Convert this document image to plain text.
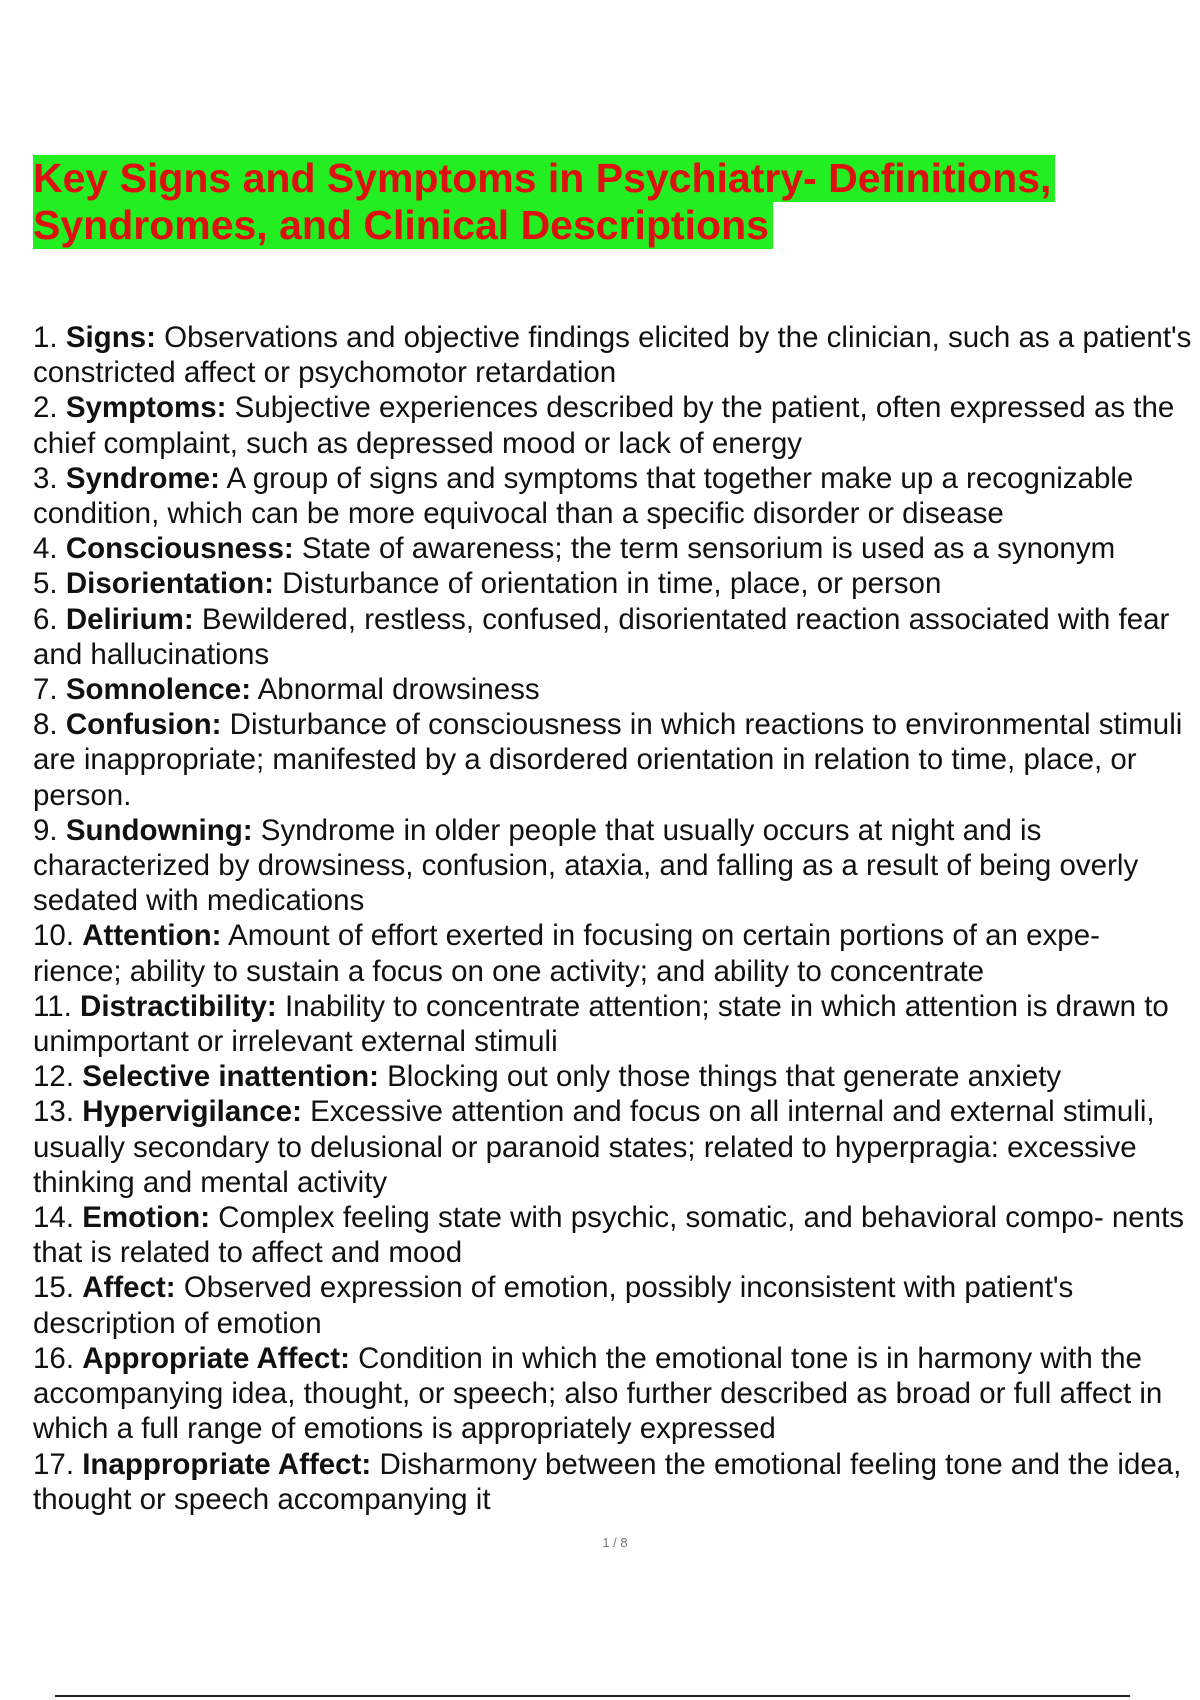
Key Signs and Symptoms in Psychiatry- Definitions,
Syndromes, and Clinical Descriptions

1. Signs: Observations and objective findings elicited by the clinician, such as a patient's constricted affect or psychomotor retardation

2. Symptoms: Subjective experiences described by the patient, often expressed as the chief complaint, such as depressed mood or lack of energy

3. Syndrome: A group of signs and symptoms that together make up a recognizable condition, which can be more equivocal than a specific disorder or disease

4. Consciousness: State of awareness; the term sensorium is used as a synonym

5. Disorientation: Disturbance of orientation in time, place, or person

6. Delirium: Bewildered, restless, confused, disorientated reaction associated with fear and hallucinations

7. Somnolence: Abnormal drowsiness

8. Confusion: Disturbance of consciousness in which reactions to environmental stimuli are inappropriate; manifested by a disordered orientation in relation to time, place, or person.

9. Sundowning: Syndrome in older people that usually occurs at night and is characterized by drowsiness, confusion, ataxia, and falling as a result of being overly sedated with medications

10. Attention: Amount of effort exerted in focusing on certain portions of an expe- rience; ability to sustain a focus on one activity; and ability to concentrate

11. Distractibility: Inability to concentrate attention; state in which attention is drawn to unimportant or irrelevant external stimuli

12. Selective inattention: Blocking out only those things that generate anxiety

13. Hypervigilance: Excessive attention and focus on all internal and external stimuli, usually secondary to delusional or paranoid states; related to hyperpragia: excessive thinking and mental activity

14. Emotion: Complex feeling state with psychic, somatic, and behavioral compo- nents that is related to affect and mood

15. Affect: Observed expression of emotion, possibly inconsistent with patient's description of emotion

16. Appropriate Affect: Condition in which the emotional tone is in harmony with the accompanying idea, thought, or speech; also further described as broad or full affect in which a full range of emotions is appropriately expressed

17. Inappropriate Affect: Disharmony between the emotional feeling tone and the idea, thought or speech accompanying it

1 / 8
